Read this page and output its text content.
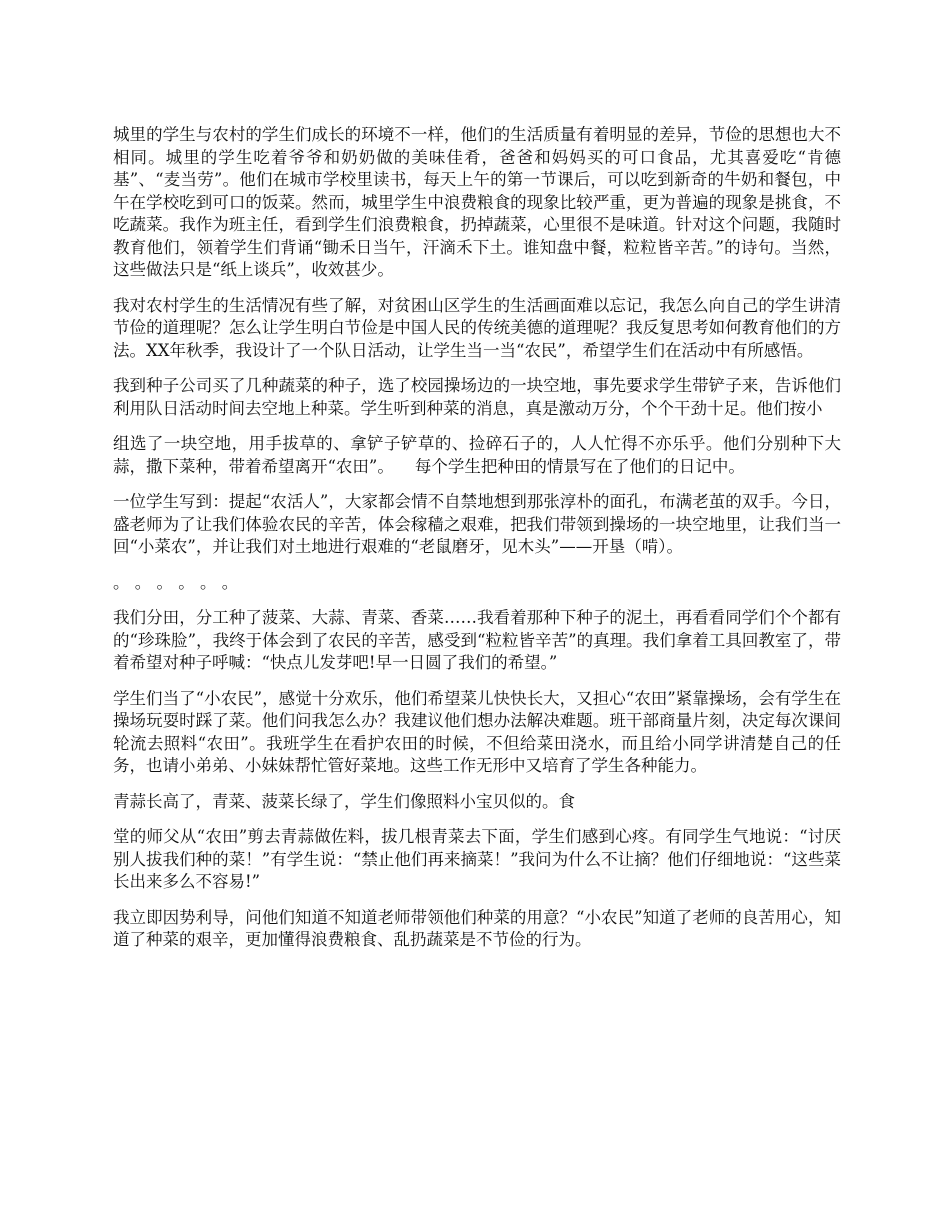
城里的学生与农村的学生们成长的环境不一样，他们的生活质量有着明显的差异，节俭的思想也大不相同。城里的学生吃着爷爷和奶奶做的美味佳肴，爸爸和妈妈买的可口食品，尤其喜爱吃“肯德基”、“麦当劳”。他们在城市学校里读书，每天上午的第一节课后，可以吃到新奇的牛奶和餐包，中午在学校吃到可口的饭菜。然而，城里学生中浪费粮食的现象比较严重，更为普遍的现象是挑食，不吃蔬菜。我作为班主任，看到学生们浪费粮食，扔掉蔬菜，心里很不是味道。针对这个问题，我随时教育他们，领着学生们背诵“锄禾日当午，汗滴禾下土。谁知盘中餐，粒粒皆辛苦。”的诗句。当然，这些做法只是“纸上谈兵”，收效甚少。

我对农村学生的生活情况有些了解，对贫困山区学生的生活画面难以忘记，我怎么向自己的学生讲清节俭的道理呢？怎么让学生明白节俭是中国人民的传统美德的道理呢？我反复思考如何教育他们的方法。XX年秋季，我设计了一个队日活动，让学生当一当“农民”，希望学生们在活动中有所感悟。

我到种子公司买了几种蔬菜的种子，选了校园操场边的一块空地，事先要求学生带铲子来，告诉他们利用队日活动时间去空地上种菜。学生听到种菜的消息，真是激动万分，个个干劲十足。他们按小

组选了一块空地，用手拔草的、拿铲子铲草的、捡碎石子的，人人忙得不亦乐乎。他们分别种下大蒜，撒下菜种，带着希望离开“农田”。    每个学生把种田的情景写在了他们的日记中。

一位学生写到：提起“农活人”，大家都会情不自禁地想到那张淳朴的面孔，布满老茧的双手。今日，盛老师为了让我们体验农民的辛苦，体会稼穑之艰难，把我们带领到操场的一块空地里，让我们当一回“小菜农”，并让我们对土地进行艰难的“老鼠磨牙，见木头”——开垦（啃）。

。 。 。 。 。 。

我们分田，分工种了菠菜、大蒜、青菜、香菜……我看着那种下种子的泥土，再看看同学们个个都有的“珍珠脸”，我终于体会到了农民的辛苦，感受到“粒粒皆辛苦”的真理。我们拿着工具回教室了，带着希望对种子呼喊：“快点儿发芽吧!早一日圆了我们的希望。”

学生们当了“小农民”，感觉十分欢乐，他们希望菜儿快快长大，又担心“农田”紧靠操场，会有学生在操场玩耍时踩了菜。他们问我怎么办？我建议他们想办法解决难题。班干部商量片刻，决定每次课间轮流去照料“农田”。我班学生在看护农田的时候，不但给菜田浇水，而且给小同学讲清楚自己的任务，也请小弟弟、小妹妹帮忙管好菜地。这些工作无形中又培育了学生各种能力。

青蒜长高了，青菜、菠菜长绿了，学生们像照料小宝贝似的。食

堂的师父从“农田”剪去青蒜做佐料，拔几根青菜去下面，学生们感到心疼。有同学生气地说：“讨厌别人拔我们种的菜！”有学生说：“禁止他们再来摘菜！”我问为什么不让摘？他们仔细地说：“这些菜长出来多么不容易!”

我立即因势利导，问他们知道不知道老师带领他们种菜的用意？“小农民”知道了老师的良苦用心，知道了种菜的艰辛，更加懂得浪费粮食、乱扔蔬菜是不节俭的行为。
